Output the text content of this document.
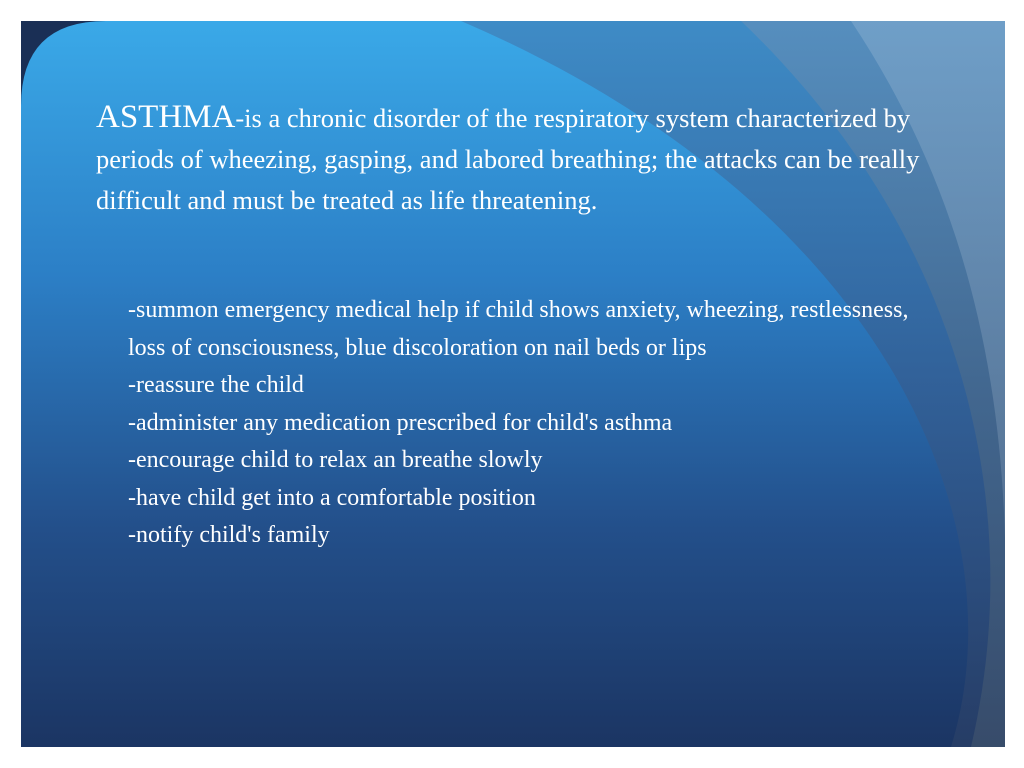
ASTHMA-is a chronic disorder of the respiratory system characterized by periods of wheezing, gasping, and labored breathing; the attacks can be really difficult and must be treated as life threatening.

-summon emergency medical help if child shows anxiety, wheezing, restlessness, loss of consciousness, blue discoloration on nail beds or lips
-reassure the child
-administer any medication prescribed for child's asthma
-encourage child to relax an breathe slowly
-have child get into a comfortable position
-notify child's family
